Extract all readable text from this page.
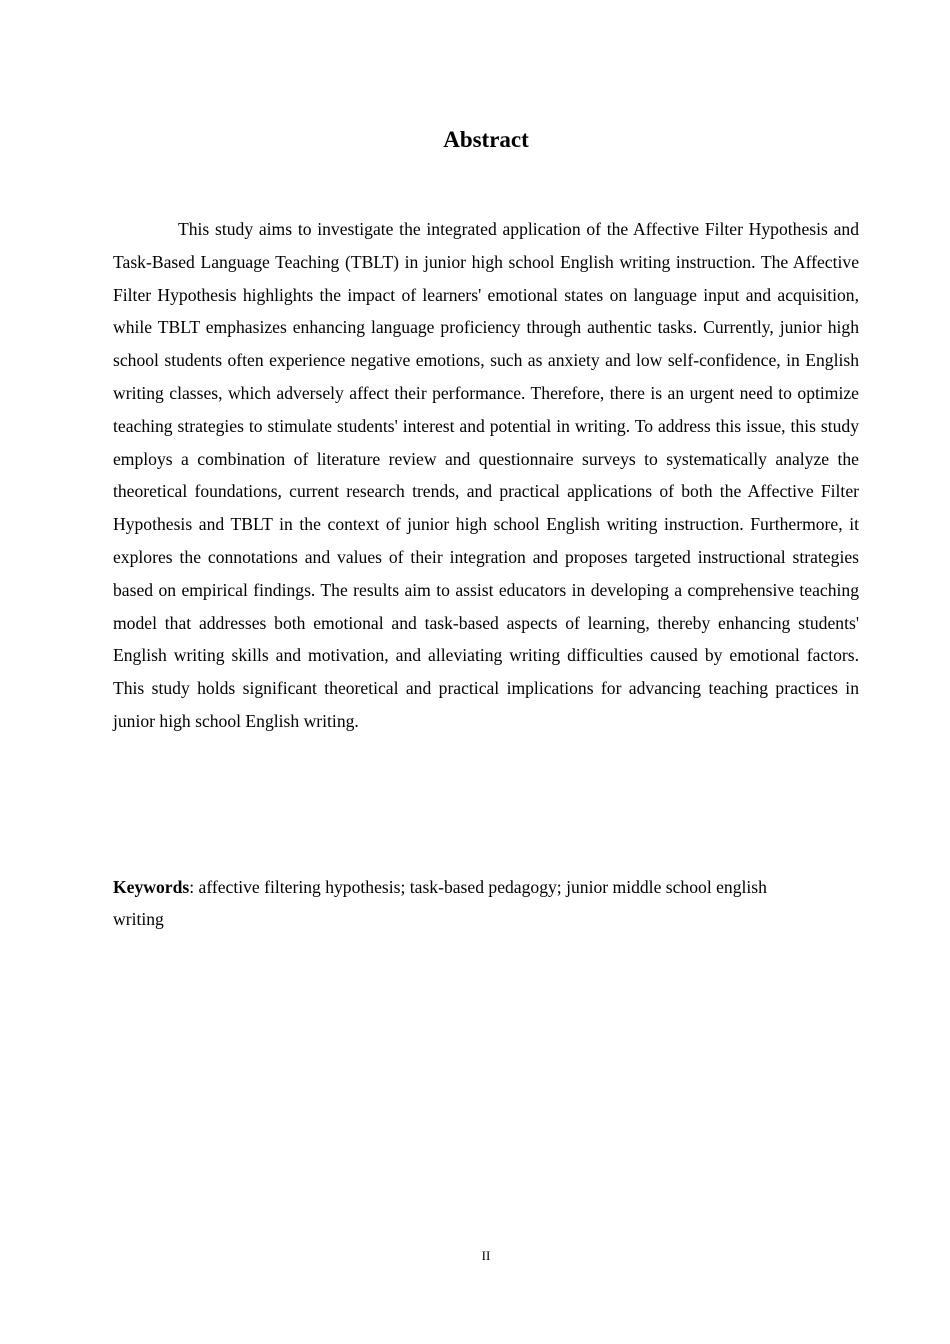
Abstract

This study aims to investigate the integrated application of the Affective Filter Hypothesis and Task-Based Language Teaching (TBLT) in junior high school English writing instruction. The Affective Filter Hypothesis highlights the impact of learners' emotional states on language input and acquisition, while TBLT emphasizes enhancing language proficiency through authentic tasks. Currently, junior high school students often experience negative emotions, such as anxiety and low self-confidence, in English writing classes, which adversely affect their performance. Therefore, there is an urgent need to optimize teaching strategies to stimulate students' interest and potential in writing. To address this issue, this study employs a combination of literature review and questionnaire surveys to systematically analyze the theoretical foundations, current research trends, and practical applications of both the Affective Filter Hypothesis and TBLT in the context of junior high school English writing instruction. Furthermore, it explores the connotations and values of their integration and proposes targeted instructional strategies based on empirical findings. The results aim to assist educators in developing a comprehensive teaching model that addresses both emotional and task-based aspects of learning, thereby enhancing students' English writing skills and motivation, and alleviating writing difficulties caused by emotional factors. This study holds significant theoretical and practical implications for advancing teaching practices in junior high school English writing.

Keywords: affective filtering hypothesis; task-based pedagogy; junior middle school english writing

II
